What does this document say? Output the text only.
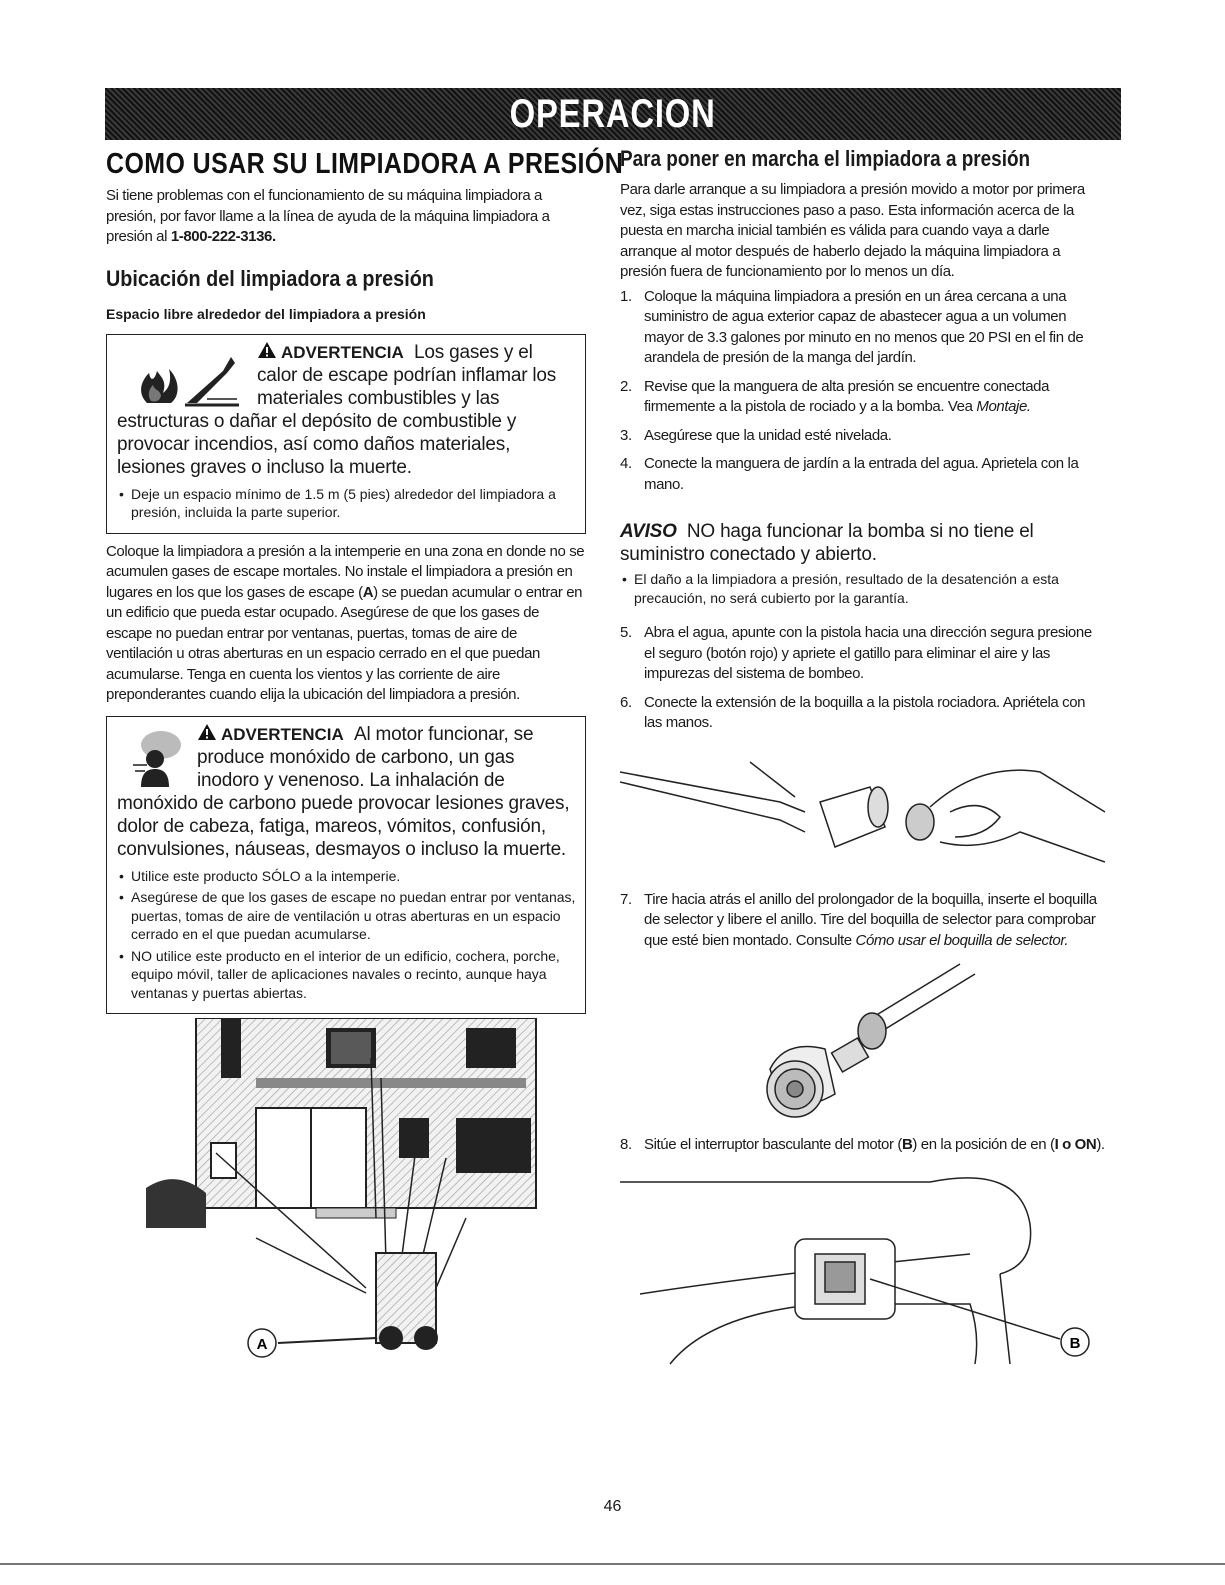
OPERACION
COMO USAR SU LIMPIADORA A PRESIÓN

Si tiene problemas con el funcionamiento de su máquina limpiadora a presión, por favor llame a la línea de ayuda de la máquina limpiadora a presión al 1-800-222-3136.

Ubicación del limpiadora a presión
Espacio libre alrededor del limpiadora a presión
ADVERTENCIA Los gases y el calor de escape podrían inflamar los materiales combustibles y las estructuras o dañar el depósito de combustible y provocar incendios, así como daños materiales, lesiones graves o incluso la muerte.
• Deje un espacio mínimo de 1.5 m (5 pies) alrededor del limpiadora a presión, incluida la parte superior.

Coloque la limpiadora a presión a la intemperie en una zona en donde no se acumulen gases de escape mortales. No instale el limpiadora a presión en lugares en los que los gases de escape (A) se puedan acumular o entrar en un edificio que pueda estar ocupado. Asegúrese de que los gases de escape no puedan entrar por ventanas, puertas, tomas de aire de ventilación u otras aberturas en un espacio cerrado en el que puedan acumularse. Tenga en cuenta los vientos y las corriente de aire preponderantes cuando elija la ubicación del limpiadora a presión.

ADVERTENCIA Al motor funcionar, se produce monóxido de carbono, un gas inodoro y venenoso. La inhalación de monóxido de carbono puede provocar lesiones graves, dolor de cabeza, fatiga, mareos, vómitos, confusión, convulsiones, náuseas, desmayos o incluso la muerte.
• Utilice este producto SÓLO a la intemperie.
• Asegúrese de que los gases de escape no puedan entrar por ventanas, puertas, tomas de aire de ventilación u otras aberturas en un espacio cerrado en el que puedan acumularse.
• NO utilice este producto en el interior de un edificio, cochera, porche, equipo móvil, taller de aplicaciones navales o recinto, aunque haya ventanas y puertas abiertas.
A
Para poner en marcha el limpiadora a presión

Para darle arranque a su limpiadora a presión movido a motor por primera vez, siga estas instrucciones paso a paso. Esta información acerca de la puesta en marcha inicial también es válida para cuando vaya a darle arranque al motor después de haberlo dejado la máquina limpiadora a presión fuera de funcionamiento por lo menos un día.

1. Coloque la máquina limpiadora a presión en un área cercana a una suministro de agua exterior capaz de abastecer agua a un volumen mayor de 3.3 galones por minuto en no menos que 20 PSI en el fin de arandela de presión de la manga del jardín.
2. Revise que la manguera de alta presión se encuentre conectada firmemente a la pistola de rociado y a la bomba. Vea Montaje.
3. Asegúrese que la unidad esté nivelada.
4. Conecte la manguera de jardín a la entrada del agua. Aprietela con la mano.

AVISO NO haga funcionar la bomba si no tiene el suministro conectado y abierto.

• El daño a la limpiadora a presión, resultado de la desatención a esta precaución, no será cubierto por la garantía.
5. Abra el agua, apunte con la pistola hacia una dirección segura presione el seguro (botón rojo) y apriete el gatillo para eliminar el aire y las impurezas del sistema de bombeo.
6. Conecte la extensión de la boquilla a la pistola rociadora. Apriétela con las manos.
7. Tire hacia atrás el anillo del prolongador de la boquilla, inserte el boquilla de selector y libere el anillo. Tire del boquilla de selector para comprobar que esté bien montado. Consulte Cómo usar el boquilla de selector.
8. Sitúe el interruptor basculante del motor (B) en la posición de en (I o ON).
B
46
